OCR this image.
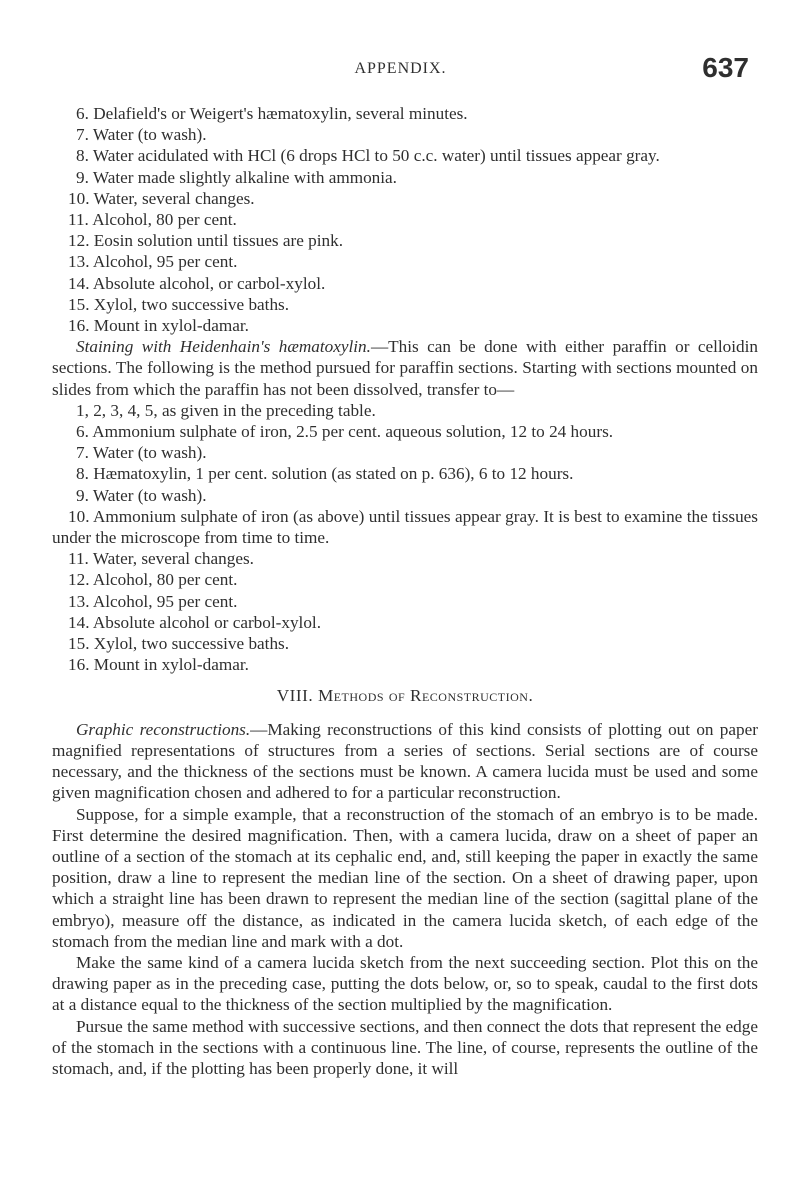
APPENDIX.	637
6. Delafield's or Weigert's hæmatoxylin, several minutes.
7. Water (to wash).
8. Water acidulated with HCl (6 drops HCl to 50 c.c. water) until tissues appear gray.
9. Water made slightly alkaline with ammonia.
10. Water, several changes.
11. Alcohol, 80 per cent.
12. Eosin solution until tissues are pink.
13. Alcohol, 95 per cent.
14. Absolute alcohol, or carbol-xylol.
15. Xylol, two successive baths.
16. Mount in xylol-damar.

Staining with Heidenhain's hæmatoxylin.—This can be done with either paraffin or celloidin sections. The following is the method pursued for paraffin sections. Starting with sections mounted on slides from which the paraffin has not been dissolved, transfer to—

1, 2, 3, 4, 5, as given in the preceding table.
6. Ammonium sulphate of iron, 2.5 per cent. aqueous solution, 12 to 24 hours.
7. Water (to wash).
8. Hæmatoxylin, 1 per cent. solution (as stated on p. 636), 6 to 12 hours.
9. Water (to wash).

10. Ammonium sulphate of iron (as above) until tissues appear gray. It is best to examine the tissues under the microscope from time to time.

11. Water, several changes.
12. Alcohol, 80 per cent.
13. Alcohol, 95 per cent.
14. Absolute alcohol or carbol-xylol.
15. Xylol, two successive baths.
16. Mount in xylol-damar.
VIII. Methods of Reconstruction.

Graphic reconstructions.—Making reconstructions of this kind consists of plotting out on paper magnified representations of structures from a series of sections. Serial sections are of course necessary, and the thickness of the sections must be known. A camera lucida must be used and some given magnification chosen and adhered to for a particular reconstruction.

Suppose, for a simple example, that a reconstruction of the stomach of an embryo is to be made. First determine the desired magnification. Then, with a camera lucida, draw on a sheet of paper an outline of a section of the stomach at its cephalic end, and, still keeping the paper in exactly the same position, draw a line to represent the median line of the section. On a sheet of drawing paper, upon which a straight line has been drawn to represent the median line of the section (sagittal plane of the embryo), measure off the distance, as indicated in the camera lucida sketch, of each edge of the stomach from the median line and mark with a dot.

Make the same kind of a camera lucida sketch from the next succeeding section. Plot this on the drawing paper as in the preceding case, putting the dots below, or, so to speak, caudal to the first dots at a distance equal to the thickness of the section multiplied by the magnification.

Pursue the same method with successive sections, and then connect the dots that represent the edge of the stomach in the sections with a continuous line. The line, of course, represents the outline of the stomach, and, if the plotting has been properly done, it will
